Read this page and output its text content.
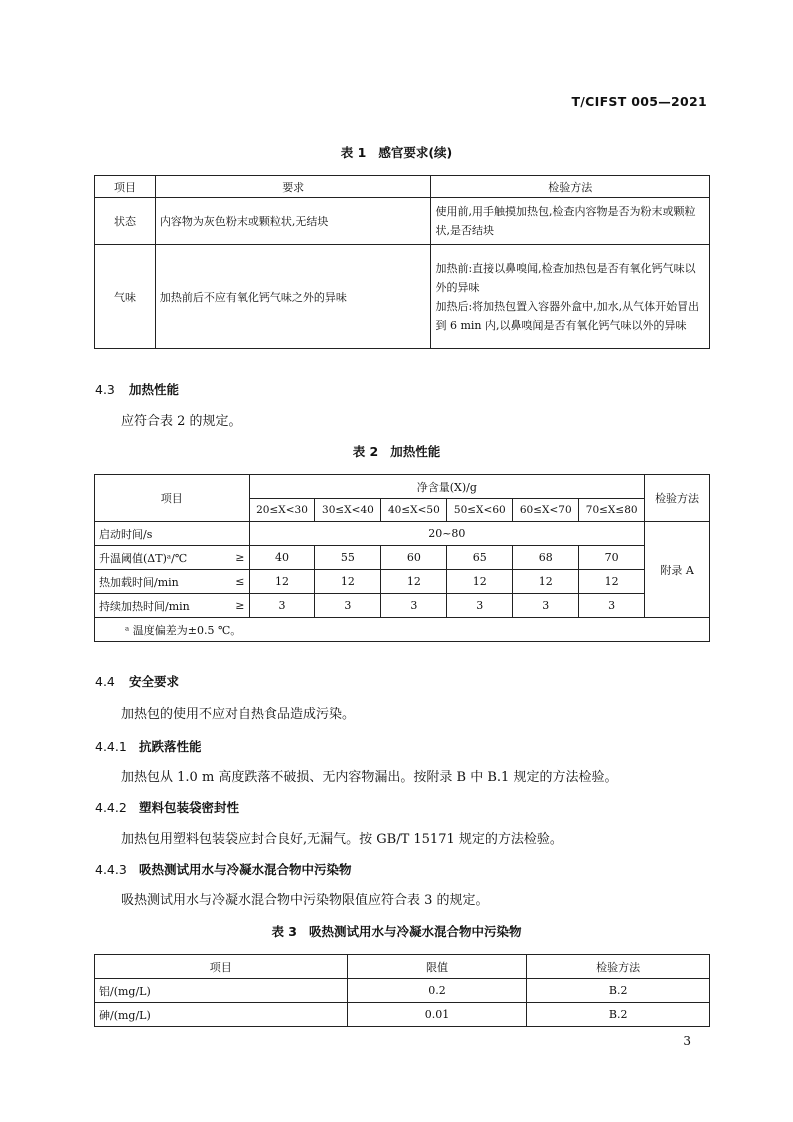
T/CIFST 005—2021
表 1 感官要求(续)
项目	要求	检验方法
状态	内容物为灰色粉末或颗粒状,无结块	使用前,用手触摸加热包,检查内容物是否为粉末或颗粒状,是否结块
气味	加热前后不应有氧化钙气味之外的异味	加热前:直接以鼻嗅闻,检查加热包是否有氧化钙气味以外的异味
加热后:将加热包置入容器外盒中,加水,从气体开始冒出到 6 min 内,以鼻嗅闻是否有氧化钙气味以外的异味
4.3 加热性能
应符合表 2 的规定。
表 2 加热性能
项目	净含量(X)/g						检验方法
	20≤X<30	30≤X<40	40≤X<50	50≤X<60	60≤X<70	70≤X≤80	
启动时间/s	20~80						附录 A

升温阈值(ΔT)ᵃ/℃ ≥	40	55	60	65	68	70	

热加载时间/min ≤	12	12	12	12	12	12	

持续加热时间/min ≥	3	3	3	3	3	3	
ᵃ 温度偏差为±0.5 ℃。							
4.4 安全要求
加热包的使用不应对自热食品造成污染。
4.4.1 抗跌落性能
加热包从 1.0 m 高度跌落不破损、无内容物漏出。按附录 B 中 B.1 规定的方法检验。
4.4.2 塑料包装袋密封性
加热包用塑料包装袋应封合良好,无漏气。按 GB/T 15171 规定的方法检验。
4.4.3 吸热测试用水与冷凝水混合物中污染物
吸热测试用水与冷凝水混合物中污染物限值应符合表 3 的规定。
表 3 吸热测试用水与冷凝水混合物中污染物
项目	限值	检验方法
铝/(mg/L)	0.2	B.2
砷/(mg/L)	0.01	B.2
3
